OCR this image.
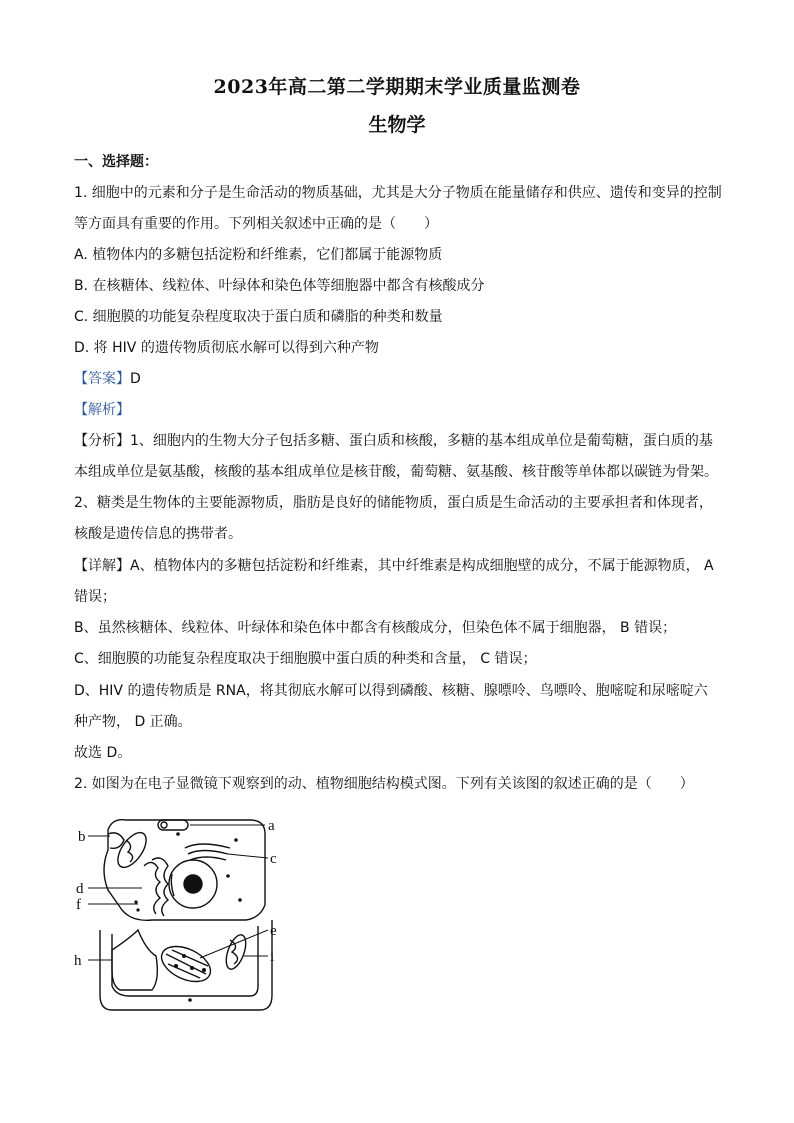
2023年高二第二学期期末学业质量监测卷
生物学
一、选择题：
1. 细胞中的元素和分子是生命活动的物质基础，尤其是大分子物质在能量储存和供应、遗传和变异的控制
等方面具有重要的作用。下列相关叙述中正确的是（　　）
A. 植物体内的多糖包括淀粉和纤维素，它们都属于能源物质
B. 在核糖体、线粒体、叶绿体和染色体等细胞器中都含有核酸成分
C. 细胞膜的功能复杂程度取决于蛋白质和磷脂的种类和数量
D. 将 HIV 的遗传物质彻底水解可以得到六种产物
【答案】D
【解析】
【分析】1、细胞内的生物大分子包括多糖、蛋白质和核酸，多糖的基本组成单位是葡萄糖，蛋白质的基
本组成单位是氨基酸，核酸的基本组成单位是核苷酸，葡萄糖、氨基酸、核苷酸等单体都以碳链为骨架。
2、糖类是生物体的主要能源物质，脂肪是良好的储能物质，蛋白质是生命活动的主要承担者和体现者，
核酸是遗传信息的携带者。
【详解】A、植物体内的多糖包括淀粉和纤维素，其中纤维素是构成细胞壁的成分，不属于能源物质， A
错误；
B、虽然核糖体、线粒体、叶绿体和染色体中都含有核酸成分，但染色体不属于细胞器， B 错误；
C、细胞膜的功能复杂程度取决于细胞膜中蛋白质的种类和含量， C 错误；
D、HIV 的遗传物质是 RNA，将其彻底水解可以得到磷酸、核糖、腺嘌呤、鸟嘌呤、胞嘧啶和尿嘧啶六
种产物， D 正确。
故选 D。
2. 如图为在电子显微镜下观察到的动、植物细胞结构模式图。下列有关该图的叙述正确的是（　　）
b
a
c
d
f
h
e
i
